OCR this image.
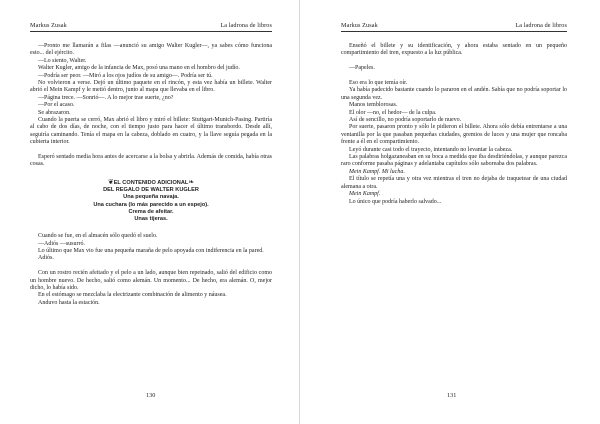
Markus Zusak	La ladrona de libros

—Pronto me llamarán a filas —anunció su amigo Walter Kugler—, ya sabes cómo funciona esto... del ejército.

—Lo siento, Walter.

Walter Kugler, amigo de la infancia de Max, posó una mano en el hombro del judío.

—Podría ser peor. —Miró a los ojos judíos de su amigo—. Podría ser tú.

No volvieron a verse. Dejó un último paquete en el rincón, y esta vez había un billete. Walter abrió el Mein Kampf y le metió dentro, junto al mapa que llevaba en el libro.

—Página trece. —Sonrió—. A lo mejor trae suerte, ¿no?

—Por el acaso.

Se abrazaron.

Cuando la puerta se cerró, Max abrió el libro y miró el billete: Stuttgart-Munich-Pasing. Partiría al cabo de dos días, de noche, con el tiempo justo para hacer el último transbordo. Desde allí, seguiría caminando. Tenía el mapa en la cabeza, doblado en cuatro, y la llave seguía pegada en la cubierta interior.

Esperó sentado media hora antes de acercarse a la bolsa y abrirla. Además de comida, había otras cosas.

❦EL CONTENIDO ADICIONAL❧
DEL REGALO DE WALTER KUGLER
Una pequeña navaja.
Una cuchara (lo más parecido a un espejo).
Crema de afeitar.
Unas tijeras.

Cuando se fue, en el almacén sólo quedó el suelo.

—Adiós —susurró.

Lo último que Max vio fue una pequeña maraña de pelo apoyada con indiferencia en la pared.

Adiós.

Con un rostro recién afeitado y el pelo a un lado, aunque bien repeinado, salió del edificio como un hombre nuevo. De hecho, salió como alemán. Un momento... De hecho, era alemán. O, mejor dicho, lo había sido.

En el estómago se mezclaba la electrizante combinación de alimento y náusea.

Anduvo hasta la estación.

130
Markus Zusak	La ladrona de libros

Enseñó el billete y su identificación, y ahora estaba sentado en un pequeño compartimiento del tren, expuesto a la luz pública.

—Papeles.

Eso era lo que temía oír.

Ya había padecido bastante cuando lo pararon en el andén. Sabía que no podría soportar lo una segunda vez.

Manos temblorosas.

El olor —no, el hedor— de la culpa.

Así de sencillo, no podría soportarlo de nuevo.

Por suerte, pasaron pronto y sólo le pidieron el billete. Ahora sólo debía entrentarse a una ventanilla por la que pasaban pequeñas ciudades, gremios de luces y una mujer que roncaba frente a él en el compartimiento.

Leyó durante casi todo el trayecto, intentando no levantar la cabeza.

Las palabras holgazaneaban en su boca a medida que iba desdiriéndolas, y aunque parezca raro conforme pasaba páginas y adelantaba capítulos sólo saboreaba dos palabras.

Mein Kampf. Mi lucha.

El título se repetía una y otra vez mientras el tren no dejaba de traquetear de una ciudad alemana a otra.

Mein Kampf.

Lo único que podría haberlo salvado...

131
